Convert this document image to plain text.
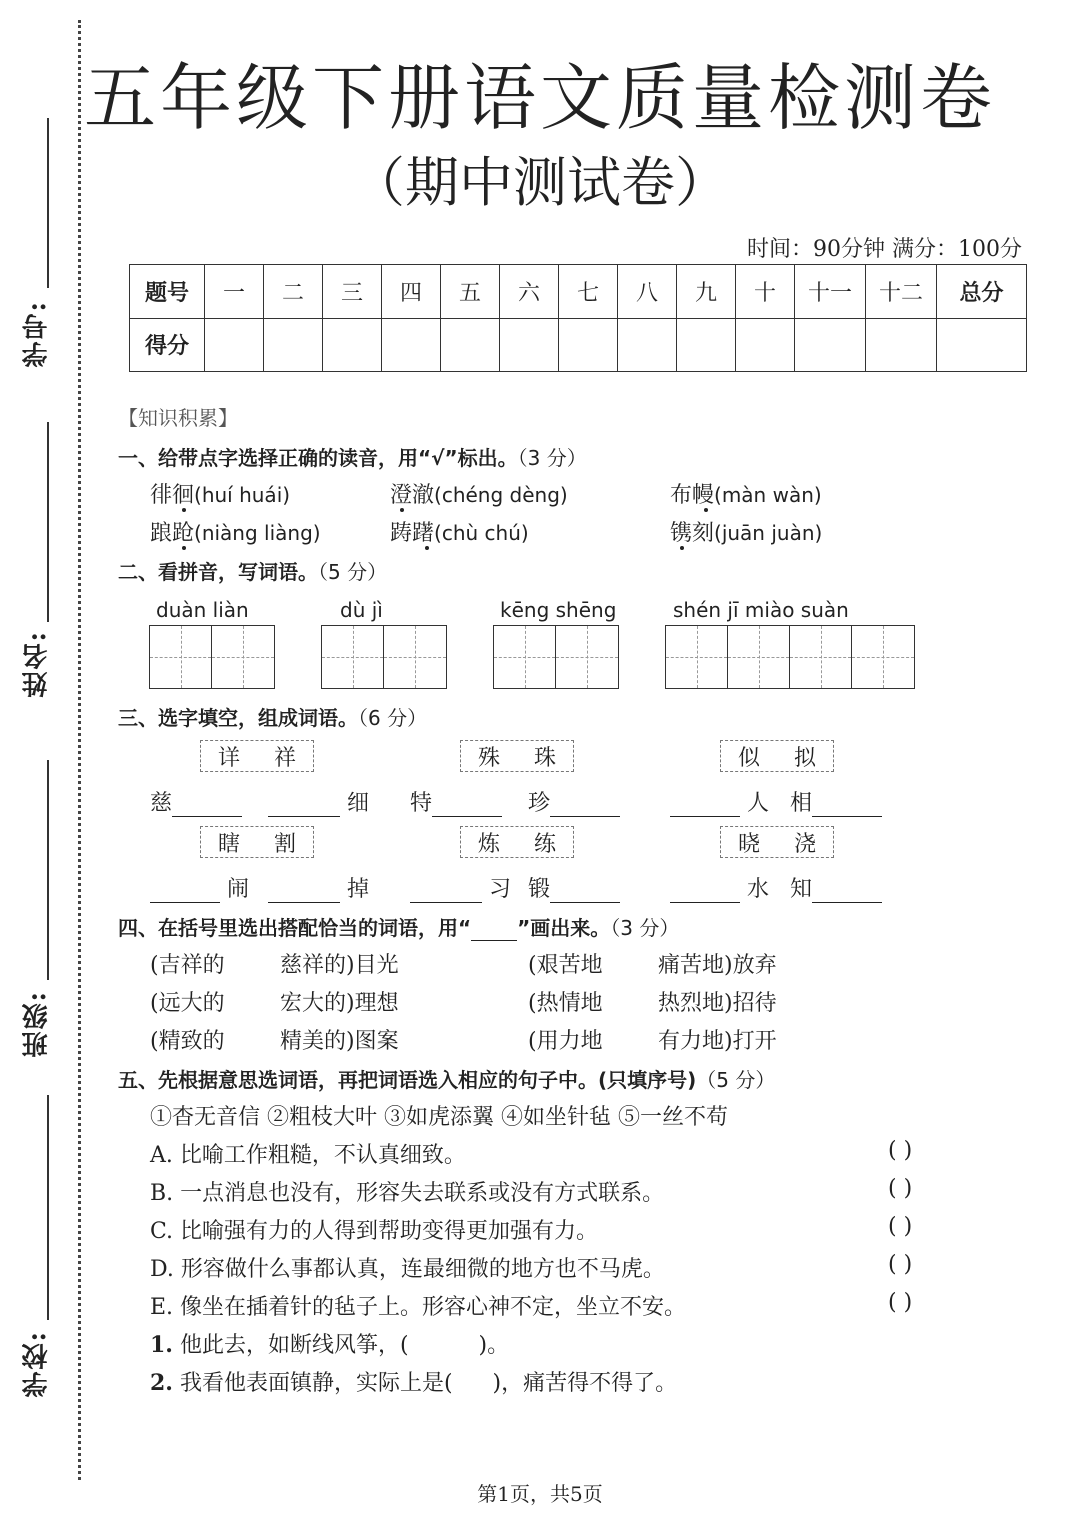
学号:
姓名:
班级:
学校:
五年级下册语文质量检测卷
（期中测试卷）
时间：90分钟 满分：100分
题号	一	二	三	四	五	六	七	八	九	十	十一	十二	总分
得分													
【知识积累】
一、给带点字选择正确的读音，用“√”标出。（3 分）
徘徊(huí huái)	澄澈(chéng dèng)	布幔(màn wàn)
踉跄(niàng liàng)	踌躇(chù chú)	镌刻(juān juàn)
二、看拼音，写词语。（5 分）
duàn liàn	dù jì	kēng shēng	shén jī miào suàn
三、选字填空，组成词语。（6 分）
详 祥	殊 珠	似 拟
慈	细 特	珍	人 相
瞎 割	炼 练	晓 浇
闹	掉	习 锻	水 知
四、在括号里选出搭配恰当的词语，用“ ”画出来。（3 分）
(吉祥的	慈祥的)目光	(艰苦地	痛苦地)放弃
(远大的	宏大的)理想	(热情地	热烈地)招待
(精致的	精美的)图案	(用力地	有力地)打开
五、先根据意思选词语，再把词语选入相应的句子中。(只填序号)（5 分）
①杳无音信 ②粗枝大叶 ③如虎添翼 ④如坐针毡 ⑤一丝不苟
A. 比喻工作粗糙，不认真细致。	( )
B. 一点消息也没有，形容失去联系或没有方式联系。	( )
C. 比喻强有力的人得到帮助变得更加强有力。	( )
D. 形容做什么事都认真，连最细微的地方也不马虎。	( )
E. 像坐在插着针的毡子上。形容心神不定，坐立不安。	( )
1. 他此去，如断线风筝，(	)。
2. 我看他表面镇静，实际上是( )，痛苦得不得了。
第1页，共5页
